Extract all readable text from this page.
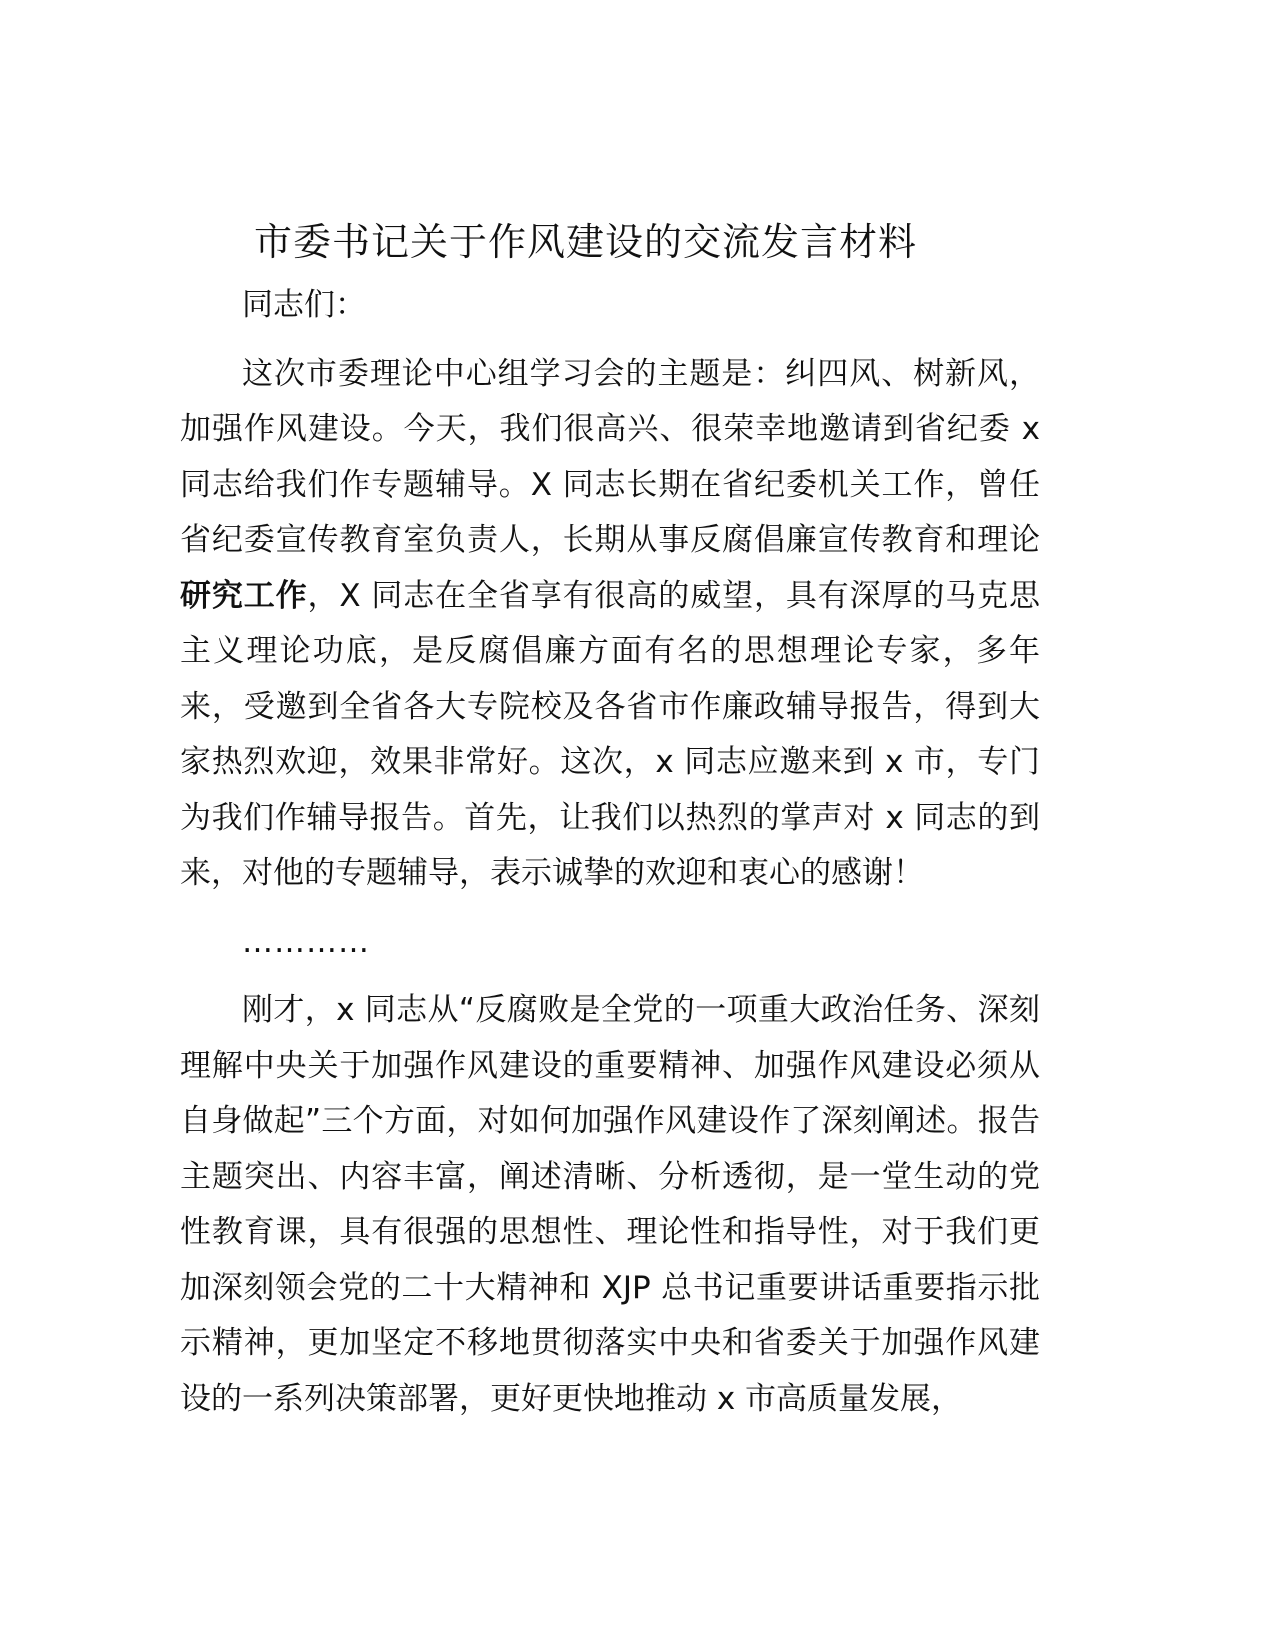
市委书记关于作风建设的交流发言材料

同志们：

这次市委理论中心组学习会的主题是：纠四风、树新风，加强作风建设。今天，我们很高兴、很荣幸地邀请到省纪委 x 同志给我们作专题辅导。X 同志长期在省纪委机关工作，曾任省纪委宣传教育室负责人，长期从事反腐倡廉宣传教育和理论研究工作，X 同志在全省享有很高的威望，具有深厚的马克思主义理论功底，是反腐倡廉方面有名的思想理论专家，多年来，受邀到全省各大专院校及各省市作廉政辅导报告，得到大家热烈欢迎，效果非常好。这次，x 同志应邀来到 x 市，专门为我们作辅导报告。首先，让我们以热烈的掌声对 x 同志的到来，对他的专题辅导，表示诚挚的欢迎和衷心的感谢！

…………

刚才，x 同志从“反腐败是全党的一项重大政治任务、深刻理解中央关于加强作风建设的重要精神、加强作风建设必须从自身做起”三个方面，对如何加强作风建设作了深刻阐述。报告主题突出、内容丰富，阐述清晰、分析透彻，是一堂生动的党性教育课，具有很强的思想性、理论性和指导性，对于我们更加深刻领会党的二十大精神和 XJP 总书记重要讲话重要指示批示精神，更加坚定不移地贯彻落实中央和省委关于加强作风建设的一系列决策部署，更好更快地推动 x 市高质量发展，
